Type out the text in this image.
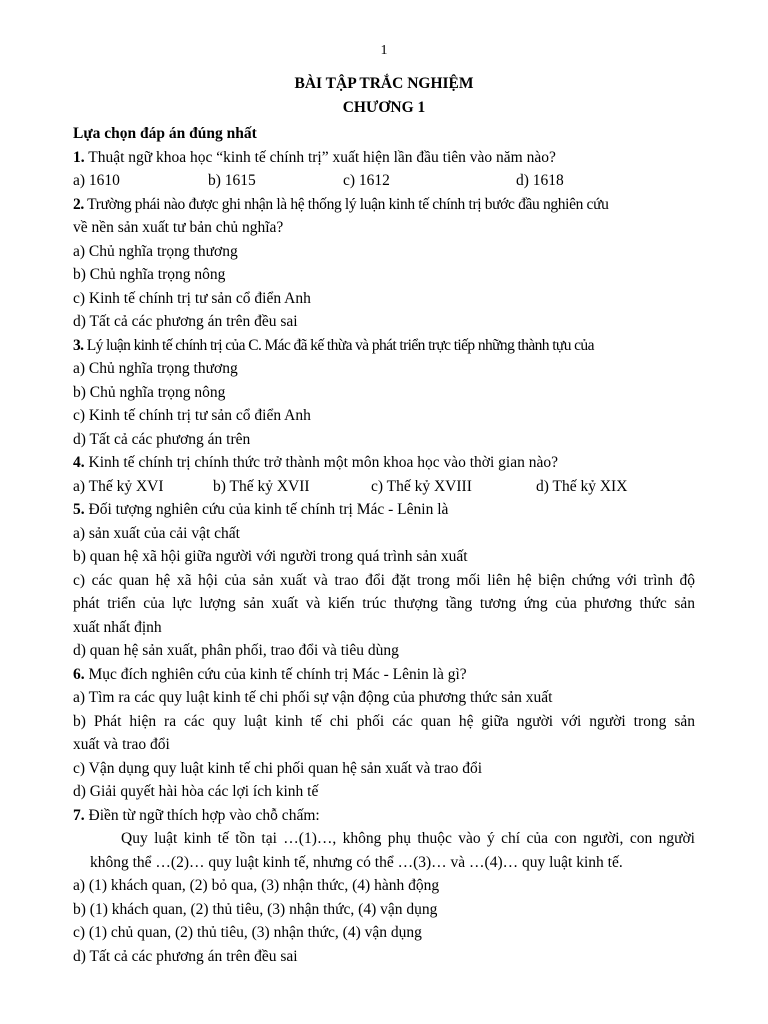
1
BÀI TẬP TRẮC NGHIỆM
CHƯƠNG 1
Lựa chọn đáp án đúng nhất
1. Thuật ngữ khoa học “kinh tế chính trị” xuất hiện lần đầu tiên vào năm nào?
a) 1610	b) 1615	c) 1612	d) 1618
2. Trường phái nào được ghi nhận là hệ thống lý luận kinh tế chính trị bước đầu nghiên cứu
về nền sản xuất tư bản chủ nghĩa?
a) Chủ nghĩa trọng thương
b) Chủ nghĩa trọng nông
c) Kinh tế chính trị tư sản cổ điển Anh
d) Tất cả các phương án trên đều sai
3. Lý luận kinh tế chính trị của C. Mác đã kế thừa và phát triển trực tiếp những thành tựu của
a) Chủ nghĩa trọng thương
b) Chủ nghĩa trọng nông
c) Kinh tế chính trị tư sản cổ điển Anh
d) Tất cả các phương án trên
4. Kinh tế chính trị chính thức trở thành một môn khoa học vào thời gian nào?
a) Thế kỷ XVI	b) Thế kỷ XVII	c) Thế kỷ XVIII	d) Thế kỷ XIX
5. Đối tượng nghiên cứu của kinh tế chính trị Mác - Lênin là
a) sản xuất của cải vật chất
b) quan hệ xã hội giữa người với người trong quá trình sản xuất
c) các quan hệ xã hội của sản xuất và trao đổi đặt trong mối liên hệ biện chứng với trình độ
phát triển của lực lượng sản xuất và kiến trúc thượng tầng tương ứng của phương thức sản
xuất nhất định
d) quan hệ sản xuất, phân phối, trao đổi và tiêu dùng
6. Mục đích nghiên cứu của kinh tế chính trị Mác - Lênin là gì?
a) Tìm ra các quy luật kinh tế chi phối sự vận động của phương thức sản xuất
b) Phát hiện ra các quy luật kinh tế chi phối các quan hệ giữa người với người trong sản
xuất và trao đổi
c) Vận dụng quy luật kinh tế chi phối quan hệ sản xuất và trao đổi
d) Giải quyết hài hòa các lợi ích kinh tế
7. Điền từ ngữ thích hợp vào chỗ chấm:
Quy luật kinh tế tồn tại …(1)…, không phụ thuộc vào ý chí của con người, con người
không thể …(2)… quy luật kinh tế, nhưng có thể …(3)… và …(4)… quy luật kinh tế.
a) (1) khách quan, (2) bỏ qua, (3) nhận thức, (4) hành động
b) (1) khách quan, (2) thủ tiêu, (3) nhận thức, (4) vận dụng
c) (1) chủ quan, (2) thủ tiêu, (3) nhận thức, (4) vận dụng
d) Tất cả các phương án trên đều sai
